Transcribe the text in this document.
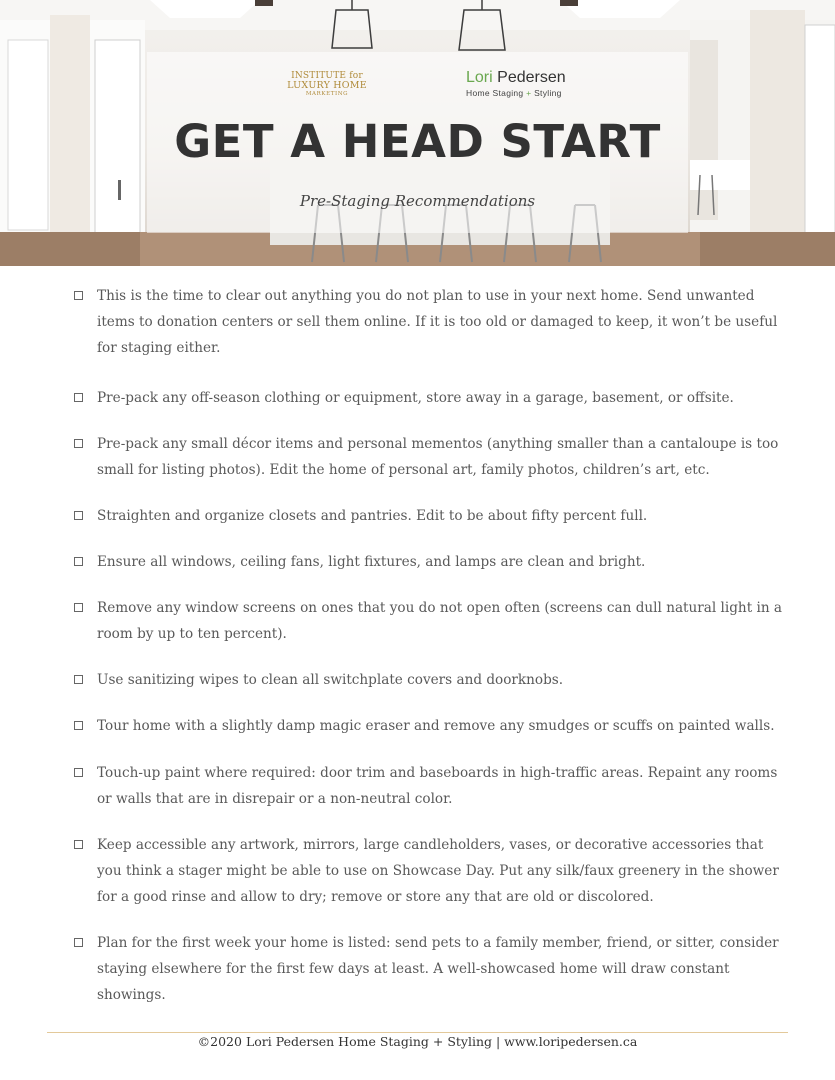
INSTITUTE for
LUXURY HOME
MARKETING
Lori Pedersen
Home Staging + Styling
GET A HEAD START
Pre-Staging Recommendations
This is the time to clear out anything you do not plan to use in your next home. Send unwanted items to donation centers or sell them online. If it is too old or damaged to keep, it won’t be useful for staging either.
Pre-pack any off-season clothing or equipment, store away in a garage, basement, or offsite.
Pre-pack any small décor items and personal mementos (anything smaller than a cantaloupe is too small for listing photos). Edit the home of personal art, family photos, children’s art, etc.
Straighten and organize closets and pantries. Edit to be about fifty percent full.
Ensure all windows, ceiling fans, light fixtures, and lamps are clean and bright.
Remove any window screens on ones that you do not open often (screens can dull natural light in a room by up to ten percent).
Use sanitizing wipes to clean all switchplate covers and doorknobs.
Tour home with a slightly damp magic eraser and remove any smudges or scuffs on painted walls.
Touch-up paint where required: door trim and baseboards in high-traffic areas. Repaint any rooms or walls that are in disrepair or a non-neutral color.
Keep accessible any artwork, mirrors, large candleholders, vases, or decorative accessories that you think a stager might be able to use on Showcase Day. Put any silk/faux greenery in the shower for a good rinse and allow to dry; remove or store any that are old or discolored.
Plan for the first week your home is listed: send pets to a family member, friend, or sitter, consider staying elsewhere for the first few days at least. A well-showcased home will draw constant showings.
©2020 Lori Pedersen Home Staging + Styling | www.loripedersen.ca
